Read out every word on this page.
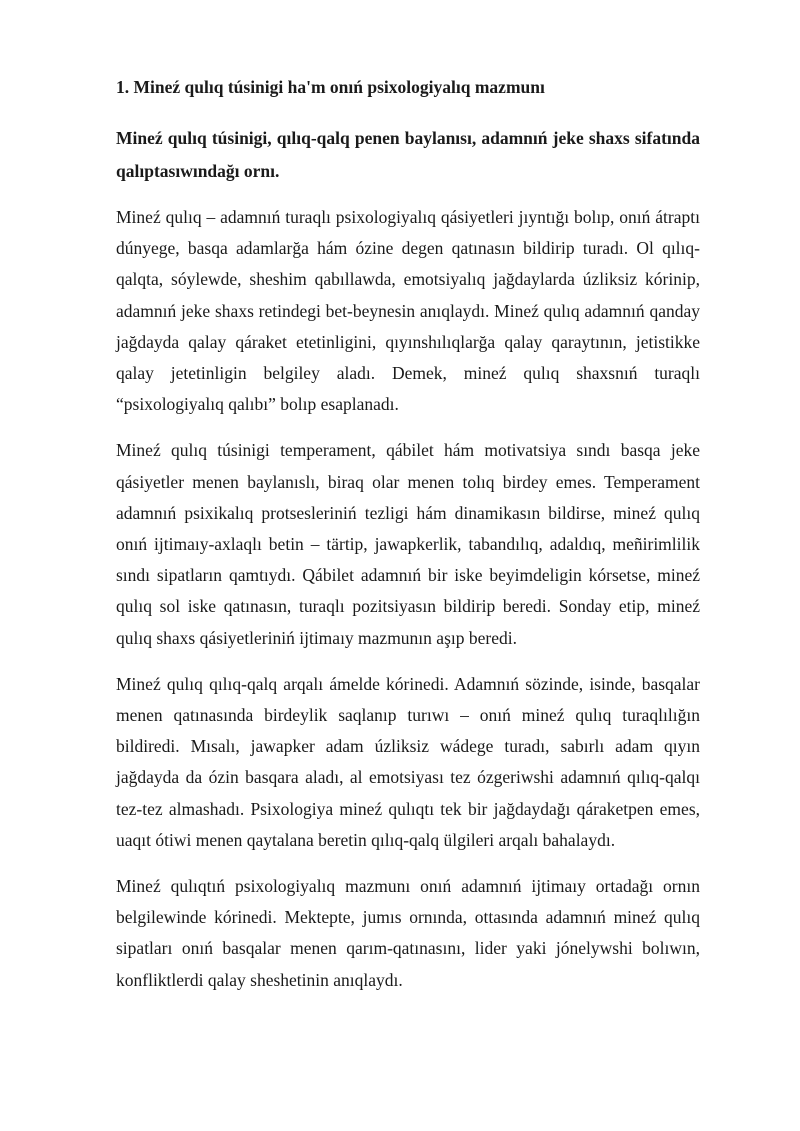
1. Mineź qulıq túsinigi ha'm onıń psixologiyalıq mazmunı
Mineź qulıq túsinigi, qılıq-qalq penen baylanısı, adamnıń jeke shaxs sifatında qalıptasıwındağı ornı.

Mineź qulıq – adamnıń turaqlı psixologiyalıq qásiyetleri jıyntığı bolıp, onıń átraptı dúnyege, basqa adamlarğa hám ózine degen qatınasın bildirip turadı. Ol qılıq-qalqta, sóylewde, sheshim qabıllawda, emotsiyalıq jağdaylarda úzliksiz kórinip, adamnıń jeke shaxs retindegi bet-beynesin anıqlaydı. Mineź qulıq adamnıń qanday jağdayda qalay qáraket etetinligini, qıyınshılıqlarğa qalay qaraytının, jetistikke qalay jetetinligin belgiley aladı. Demek, mineź qulıq shaxsnıń turaqlı “psixologiyalıq qalıbı” bolıp esaplanadı.

Mineź qulıq túsinigi temperament, qábilet hám motivatsiya sındı basqa jeke qásiyetler menen baylanıslı, biraq olar menen tolıq birdey emes. Temperament adamnıń psixikalıq protsesleriniń tezligi hám dinamikasın bildirse, mineź qulıq onıń ijtimaıy-axlaqlı betin – tärtip, jawapkerlik, tabandılıq, adaldıq, meñirimlilik sındı sipatların qamtıydı. Qábilet adamnıń bir iske beyimdeligin kórsetse, mineź qulıq sol iske qatınasın, turaqlı pozitsiyasın bildirip beredi. Sonday etip, mineź qulıq shaxs qásiyetleriniń ijtimaıy mazmunın aşıp beredi.

Mineź qulıq qılıq-qalq arqalı ámelde kórinedi. Adamnıń sözinde, isinde, basqalar menen qatınasında birdeylik saqlanıp turıwı – onıń mineź qulıq turaqlılığın bildiredi. Mısalı, jawapker adam úzliksiz wádege turadı, sabırlı adam qıyın jağdayda da ózin basqara aladı, al emotsiyası tez ózgeriwshi adamnıń qılıq-qalqı tez-tez almashadı. Psixologiya mineź qulıqtı tek bir jağdaydağı qáraketpen emes, uaqıt ótiwi menen qaytalana beretin qılıq-qalq ülgileri arqalı bahalaydı.

Mineź qulıqtıń psixologiyalıq mazmunı onıń adamnıń ijtimaıy ortadağı ornın belgilewinde kórinedi. Mektepte, jumıs ornında, ottasında adamnıń mineź qulıq sipatları onıń basqalar menen qarım-qatınasını, lider yaki jónelywshi bolıwın, konfliktlerdi qalay sheshetinin anıqlaydı.
